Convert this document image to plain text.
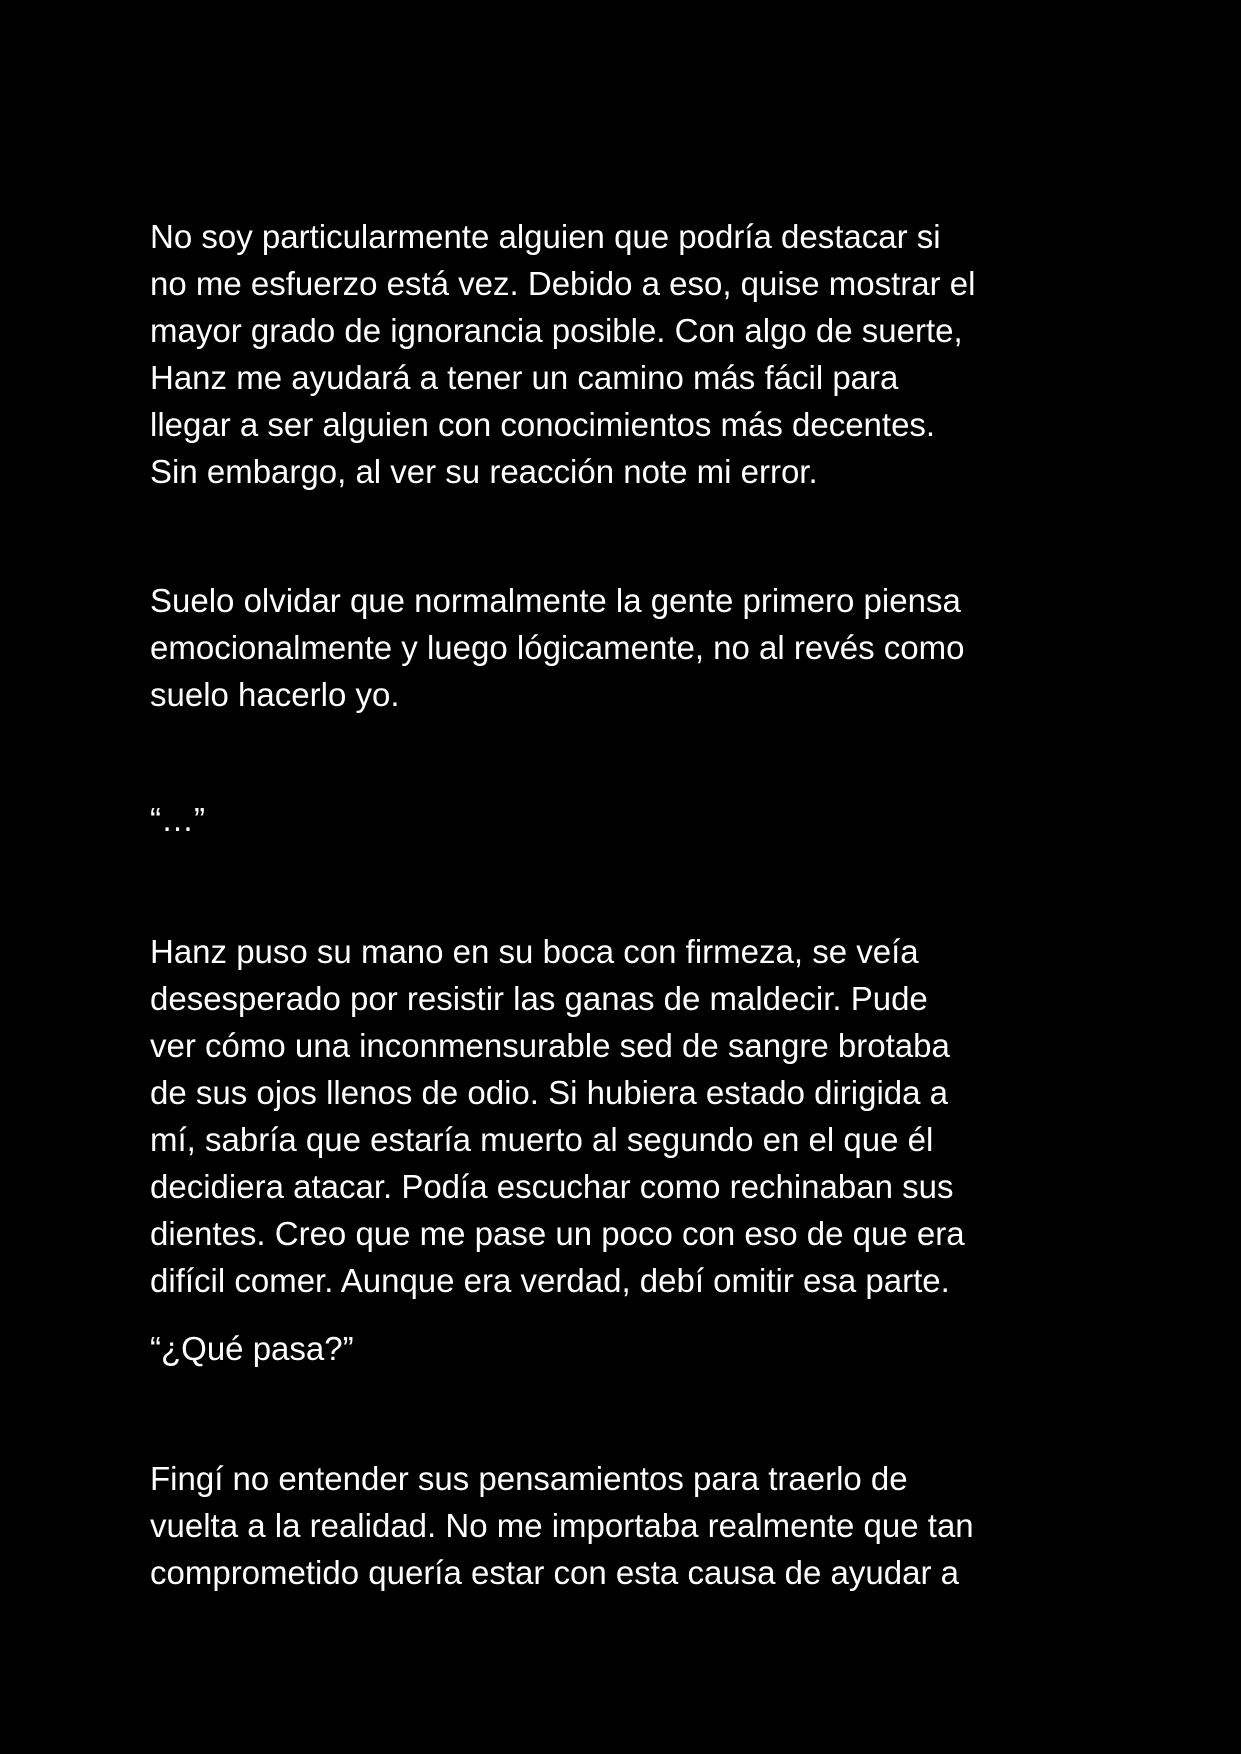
No soy particularmente alguien que podría destacar si
no me esfuerzo está vez. Debido a eso, quise mostrar el
mayor grado de ignorancia posible. Con algo de suerte,
Hanz me ayudará a tener un camino más fácil para
llegar a ser alguien con conocimientos más decentes.
Sin embargo, al ver su reacción note mi error.

Suelo olvidar que normalmente la gente primero piensa
emocionalmente y luego lógicamente, no al revés como
suelo hacerlo yo.

“…”

Hanz puso su mano en su boca con firmeza, se veía
desesperado por resistir las ganas de maldecir. Pude
ver cómo una inconmensurable sed de sangre brotaba
de sus ojos llenos de odio. Si hubiera estado dirigida a
mí, sabría que estaría muerto al segundo en el que él
decidiera atacar. Podía escuchar como rechinaban sus
dientes. Creo que me pase un poco con eso de que era
difícil comer. Aunque era verdad, debí omitir esa parte.

“¿Qué pasa?”

Fingí no entender sus pensamientos para traerlo de
vuelta a la realidad. No me importaba realmente que tan
comprometido quería estar con esta causa de ayudar a
